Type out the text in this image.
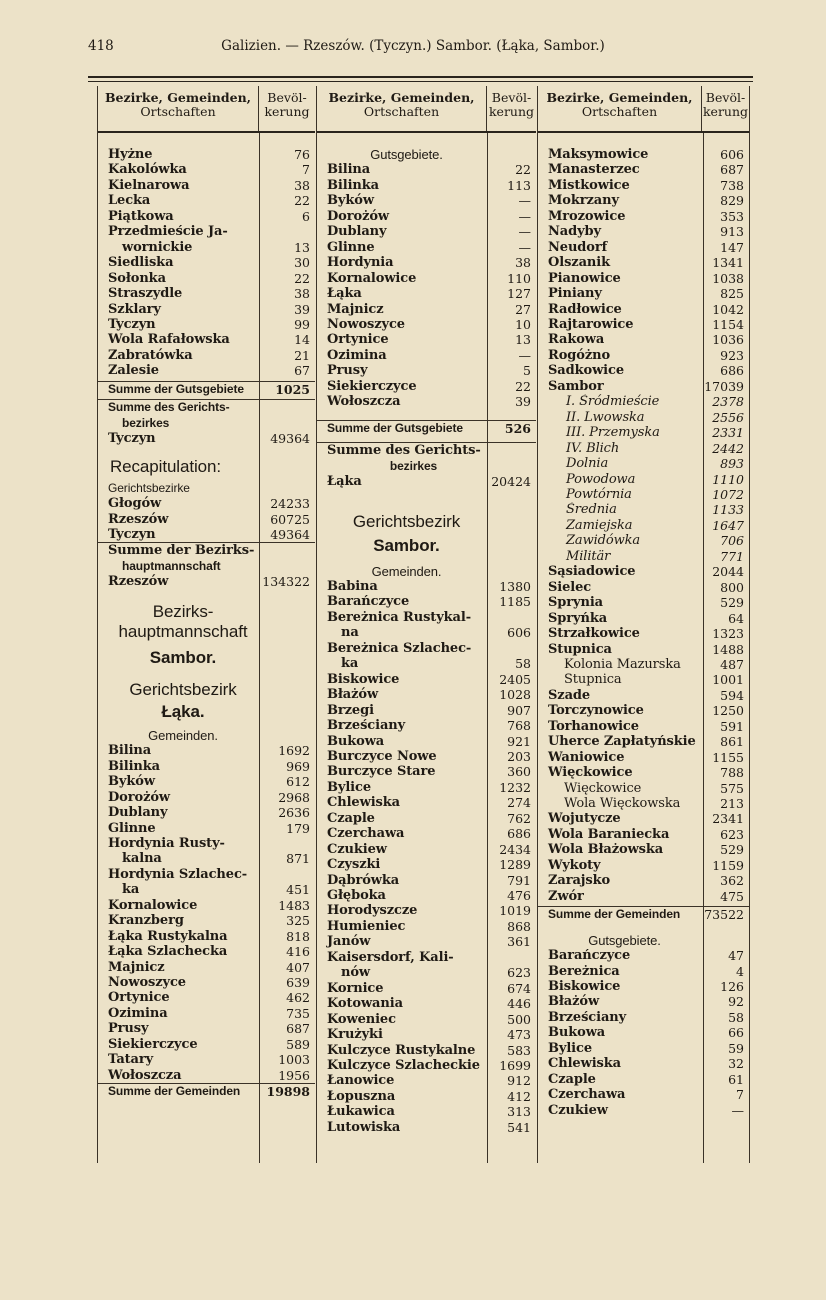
418	Galizien. — Rzeszów. (Tyczyn.) Sambor. (Łąka, Sambor.)
Bezirke, Gemeinden,
Ortschaften
Bevöl-
kerung
Hyżne	76
Kakolówka	7
Kielnarowa	38
Lecka	22
Piątkowa	6
Przedmieście Ja-
wornickie	13
Siedliska	30
Sołonka	22
Straszydle	38
Szklary	39
Tyczyn	99
Wola Rafałowska	14
Zabratówka	21
Zalesie	67
Summe der Gutsgebiete	1025
Summe des Gerichts-
bezirkes
Tyczyn	49364
Recapitulation:
Gerichtsbezirke
Głogów	24233
Rzeszów	60725
Tyczyn	49364
Summe der Bezirks-
hauptmannschaft
Rzeszów	134322
Bezirks-
hauptmannschaft
Sambor.
Gerichtsbezirk
Łąka.
Gemeinden.
Bilina	1692
Bilinka	969
Byków	612
Dorożów	2968
Dublany	2636
Glinne	179
Hordynia Rusty-
kalna	871
Hordynia Szlachec-
ka	451
Kornalowice	1483
Kranzberg	325
Łąka Rustykalna	818
Łąka Szlachecka	416
Majnicz	407
Nowoszyce	639
Ortynice	462
Ozimina	735
Prusy	687
Siekierczyce	589
Tatary	1003
Wołoszcza	1956
Summe der Gemeinden	19898
Bezirke, Gemeinden,
Ortschaften
Bevöl-
kerung
Gutsgebiete.
Bilina	22
Bilinka	113
Byków	—
Dorożów	—
Dublany	—
Glinne	—
Hordynia	38
Kornalowice	110
Łąka	127
Majnicz	27
Nowoszyce	10
Ortynice	13
Ozimina	—
Prusy	5
Siekierczyce	22
Wołoszcza	39
Summe der Gutsgebiete	526
Summe des Gerichts-
bezirkes
Łąka	20424
Gerichtsbezirk
Sambor.
Gemeinden.
Babina	1380
Barańczyce	1185
Bereżnica Rustykal-
na	606
Bereżnica Szlachec-
ka	58
Biskowice	2405
Błażów	1028
Brzegi	907
Brześciany	768
Bukowa	921
Burczyce Nowe	203
Burczyce Stare	360
Bylice	1232
Chlewiska	274
Czaple	762
Czerchawa	686
Czukiew	2434
Czyszki	1289
Dąbrówka	791
Głęboka	476
Horodyszcze	1019
Humieniec	868
Janów	361
Kaisersdorf, Kali-
nów	623
Kornice	674
Kotowania	446
Koweniec	500
Krużyki	473
Kulczyce Rustykalne	583
Kulczyce Szlacheckie	1699
Łanowice	912
Łopuszna	412
Łukawica	313
Lutowiska	541
Bezirke, Gemeinden,
Ortschaften
Bevöl-
kerung
Maksymowice	606
Manasterzec	687
Mistkowice	738
Mokrzany	829
Mrozowice	353
Nadyby	913
Neudorf	147
Olszanik	1341
Pianowice	1038
Piniany	825
Radłowice	1042
Rajtarowice	1154
Rakowa	1036
Rogóżno	923
Sadkowice	686
Sambor	17039
I. Śródmieście	2378
II. Lwowska	2556
III. Przemyska	2331
IV. Blich	2442
Dolnia	893
Powodowa	1110
Powtórnia	1072
Średnia	1133
Zamiejska	1647
Zawidówka	706
Militär	771
Sąsiadowice	2044
Sielec	800
Sprynia	529
Spryńka	64
Strzałkowice	1323
Stupnica	1488
Kolonia Mazurska	487
Stupnica	1001
Szade	594
Torczynowice	1250
Torhanowice	591
Uherce Zapłatyńskie	861
Waniowice	1155
Więckowice	788
Więckowice	575
Wola Więckowska	213
Wojutycze	2341
Wola Baraniecka	623
Wola Błażowska	529
Wykoty	1159
Zarajsko	362
Zwór	475
Summe der Gemeinden	73522
Gutsgebiete.
Barańczyce	47
Bereżnica	4
Biskowice	126
Błażów	92
Brześciany	58
Bukowa	66
Bylice	59
Chlewiska	32
Czaple	61
Czerchawa	7
Czukiew	—
